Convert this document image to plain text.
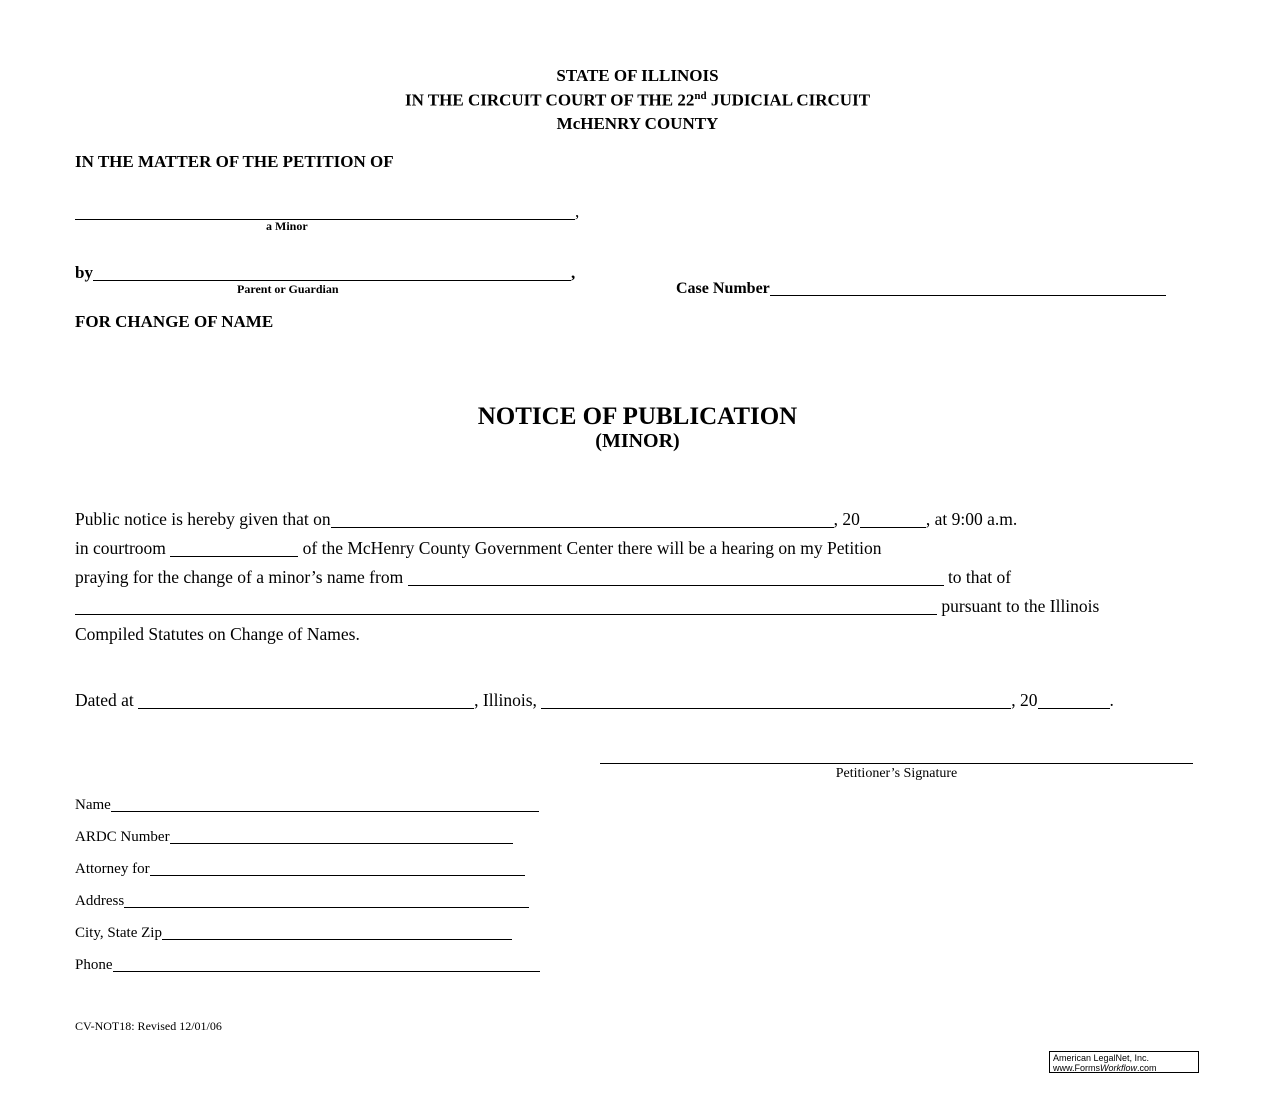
STATE OF ILLINOIS
IN THE CIRCUIT COURT OF THE 22nd JUDICIAL CIRCUIT
McHENRY COUNTY
IN THE MATTER OF THE PETITION OF
,
a Minor
by	,
Parent or Guardian	Case Number
FOR CHANGE OF NAME
NOTICE OF PUBLICATION
(MINOR)
Public notice is hereby given that on	, 20	, at 9:00 a.m.
in courtroom	of the McHenry County Government Center there will be a hearing on my Petition
praying for the change of a minor’s name from	to that of
pursuant to the Illinois
Compiled Statutes on Change of Names.
Dated at	, Illinois,	, 20	.
Petitioner’s Signature
Name
ARDC Number
Attorney for
Address
City, State Zip
Phone
CV-NOT18: Revised 12/01/06
American LegalNet, Inc.
www.FormsWorkflow.com
